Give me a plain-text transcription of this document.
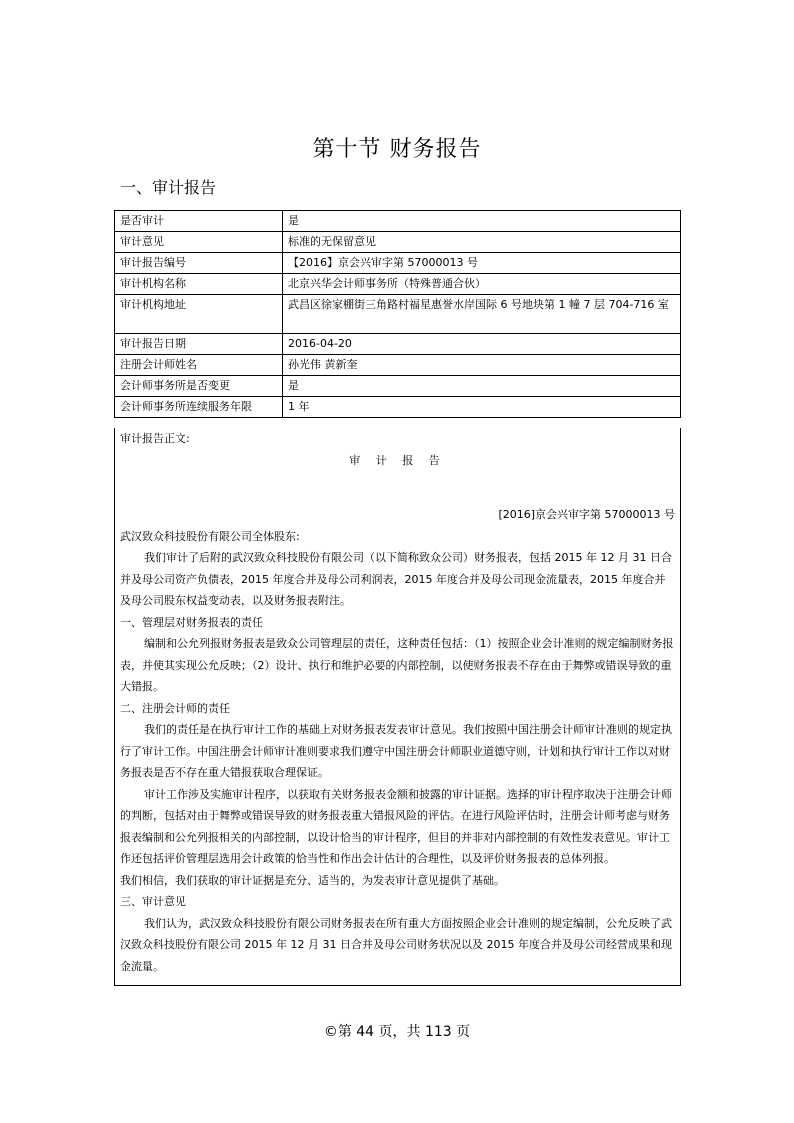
第十节 财务报告
一、审计报告
是否审计	是
审计意见	标准的无保留意见
审计报告编号	【2016】京会兴审字第 57000013 号
审计机构名称	北京兴华会计师事务所（特殊普通合伙）
审计机构地址	武昌区徐家棚街三角路村福星惠誉水岸国际 6 号地块第 1 幢 7 层 704-716 室
审计报告日期	2016-04-20
注册会计师姓名	孙光伟 黄新奎
会计师事务所是否变更	是
会计师事务所连续服务年限	1 年

审计报告正文:

审 计 报 告

[2016]京会兴审字第 57000013 号

武汉致众科技股份有限公司全体股东:

我们审计了后附的武汉致众科技股份有限公司（以下简称致众公司）财务报表，包括 2015 年 12 月 31 日合并及母公司资产负债表，2015 年度合并及母公司利润表，2015 年度合并及母公司现金流量表，2015 年度合并及母公司股东权益变动表，以及财务报表附注。

一、管理层对财务报表的责任

编制和公允列报财务报表是致众公司管理层的责任，这种责任包括：（1）按照企业会计准则的规定编制财务报表，并使其实现公允反映；（2）设计、执行和维护必要的内部控制，以使财务报表不存在由于舞弊或错误导致的重大错报。

二、注册会计师的责任

我们的责任是在执行审计工作的基础上对财务报表发表审计意见。我们按照中国注册会计师审计准则的规定执行了审计工作。中国注册会计师审计准则要求我们遵守中国注册会计师职业道德守则，计划和执行审计工作以对财务报表是否不存在重大错报获取合理保证。

审计工作涉及实施审计程序，以获取有关财务报表金额和披露的审计证据。选择的审计程序取决于注册会计师的判断，包括对由于舞弊或错误导致的财务报表重大错报风险的评估。在进行风险评估时，注册会计师考虑与财务报表编制和公允列报相关的内部控制，以设计恰当的审计程序，但目的并非对内部控制的有效性发表意见。审计工作还包括评价管理层选用会计政策的恰当性和作出会计估计的合理性，以及评价财务报表的总体列报。

我们相信，我们获取的审计证据是充分、适当的，为发表审计意见提供了基础。

三、审计意见

我们认为，武汉致众科技股份有限公司财务报表在所有重大方面按照企业会计准则的规定编制，公允反映了武汉致众科技股份有限公司 2015 年 12 月 31 日合并及母公司财务状况以及 2015 年度合并及母公司经营成果和现金流量。

©第 44 页，共 113 页
